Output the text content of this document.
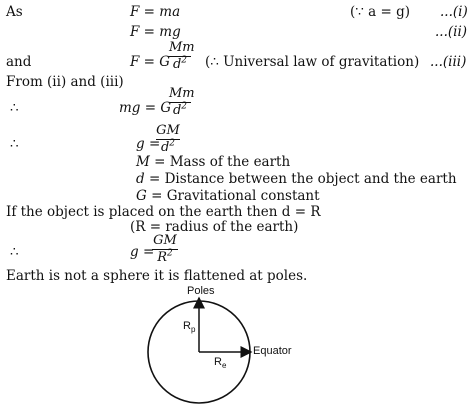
As	F = ma	(∵ a = g) ...(i)
F = mg	...(ii)
and	F = G
Mm
$d^2$ (∴ Universal law of gravitation) ...(iii)
From (ii) and (iii)
∴	mg = G
Mm
$d^2$
∴	g =
GM
$d^2$
M = Mass of the earth
d = Distance between the object and the earth
G = Gravitational constant
If the object is placed on the earth then d = R
(R = radius of the earth)
∴	g =
GM
$R^2$
Earth is not a sphere it is flattened at poles.
Poles
Equator
$R_p$
$R_e$
